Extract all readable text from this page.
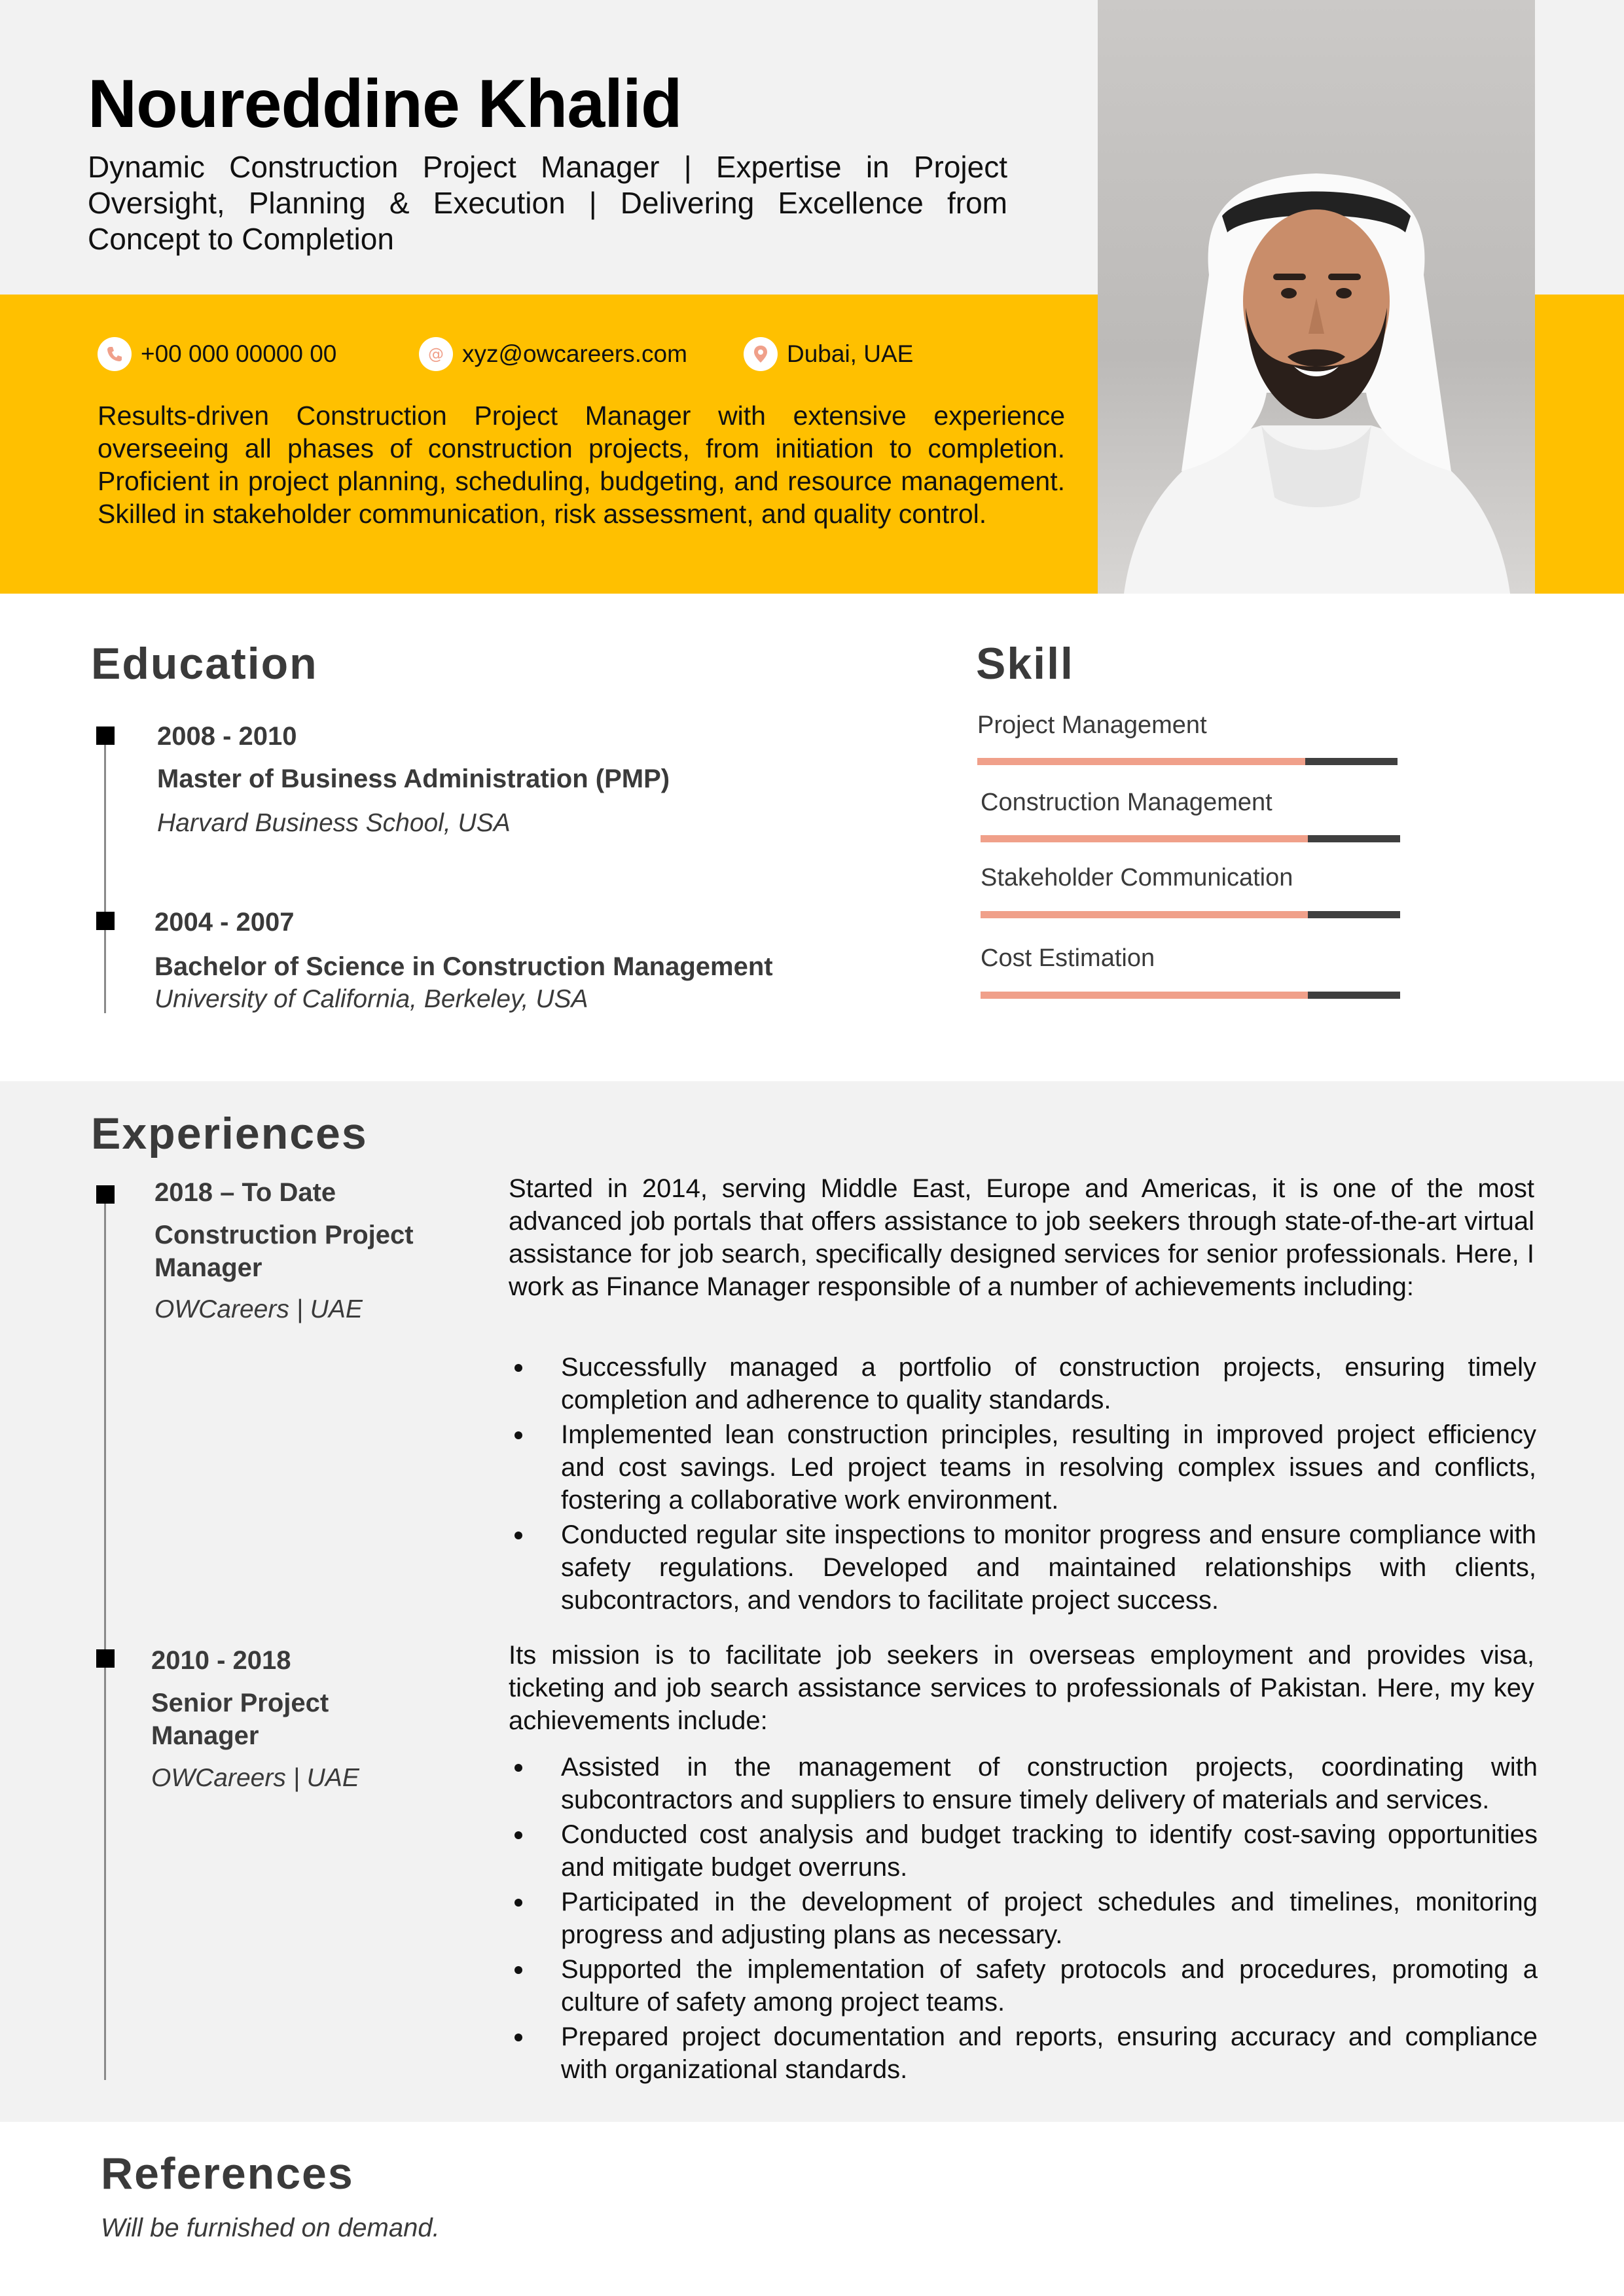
Noureddine Khalid
Dynamic Construction Project Manager | Expertise in Project Oversight, Planning & Execution | Delivering Excellence from Concept to Completion
+00 000 00000 00	@ xyz@owcareers.com	Dubai, UAE
Results-driven Construction Project Manager with extensive experience overseeing all phases of construction projects, from initiation to completion. Proficient in project planning, scheduling, budgeting, and resource management. Skilled in stakeholder communication, risk assessment, and quality control.
Education
2008 - 2010
Master of Business Administration (PMP)
Harvard Business School, USA
2004 - 2007
Bachelor of Science in Construction Management
University of California, Berkeley, USA
Skill
Project Management
Construction Management
Stakeholder Communication
Cost Estimation
Experiences
2018 – To Date
Construction Project Manager
OWCareers | UAE
Started in 2014, serving Middle East, Europe and Americas, it is one of the most advanced job portals that offers assistance to job seekers through state-of-the-art virtual assistance for job search, specifically designed services for senior professionals. Here, I work as Finance Manager responsible of a number of achievements including:
Successfully managed a portfolio of construction projects, ensuring timely completion and adherence to quality standards.
Implemented lean construction principles, resulting in improved project efficiency and cost savings. Led project teams in resolving complex issues and conflicts, fostering a collaborative work environment.
Conducted regular site inspections to monitor progress and ensure compliance with safety regulations. Developed and maintained relationships with clients, subcontractors, and vendors to facilitate project success.
2010 - 2018
Senior Project Manager
OWCareers | UAE
Its mission is to facilitate job seekers in overseas employment and provides visa, ticketing and job search assistance services to professionals of Pakistan. Here, my key achievements include:
Assisted in the management of construction projects, coordinating with subcontractors and suppliers to ensure timely delivery of materials and services.
Conducted cost analysis and budget tracking to identify cost-saving opportunities and mitigate budget overruns.
Participated in the development of project schedules and timelines, monitoring progress and adjusting plans as necessary.
Supported the implementation of safety protocols and procedures, promoting a culture of safety among project teams.
Prepared project documentation and reports, ensuring accuracy and compliance with organizational standards.
References
Will be furnished on demand.
